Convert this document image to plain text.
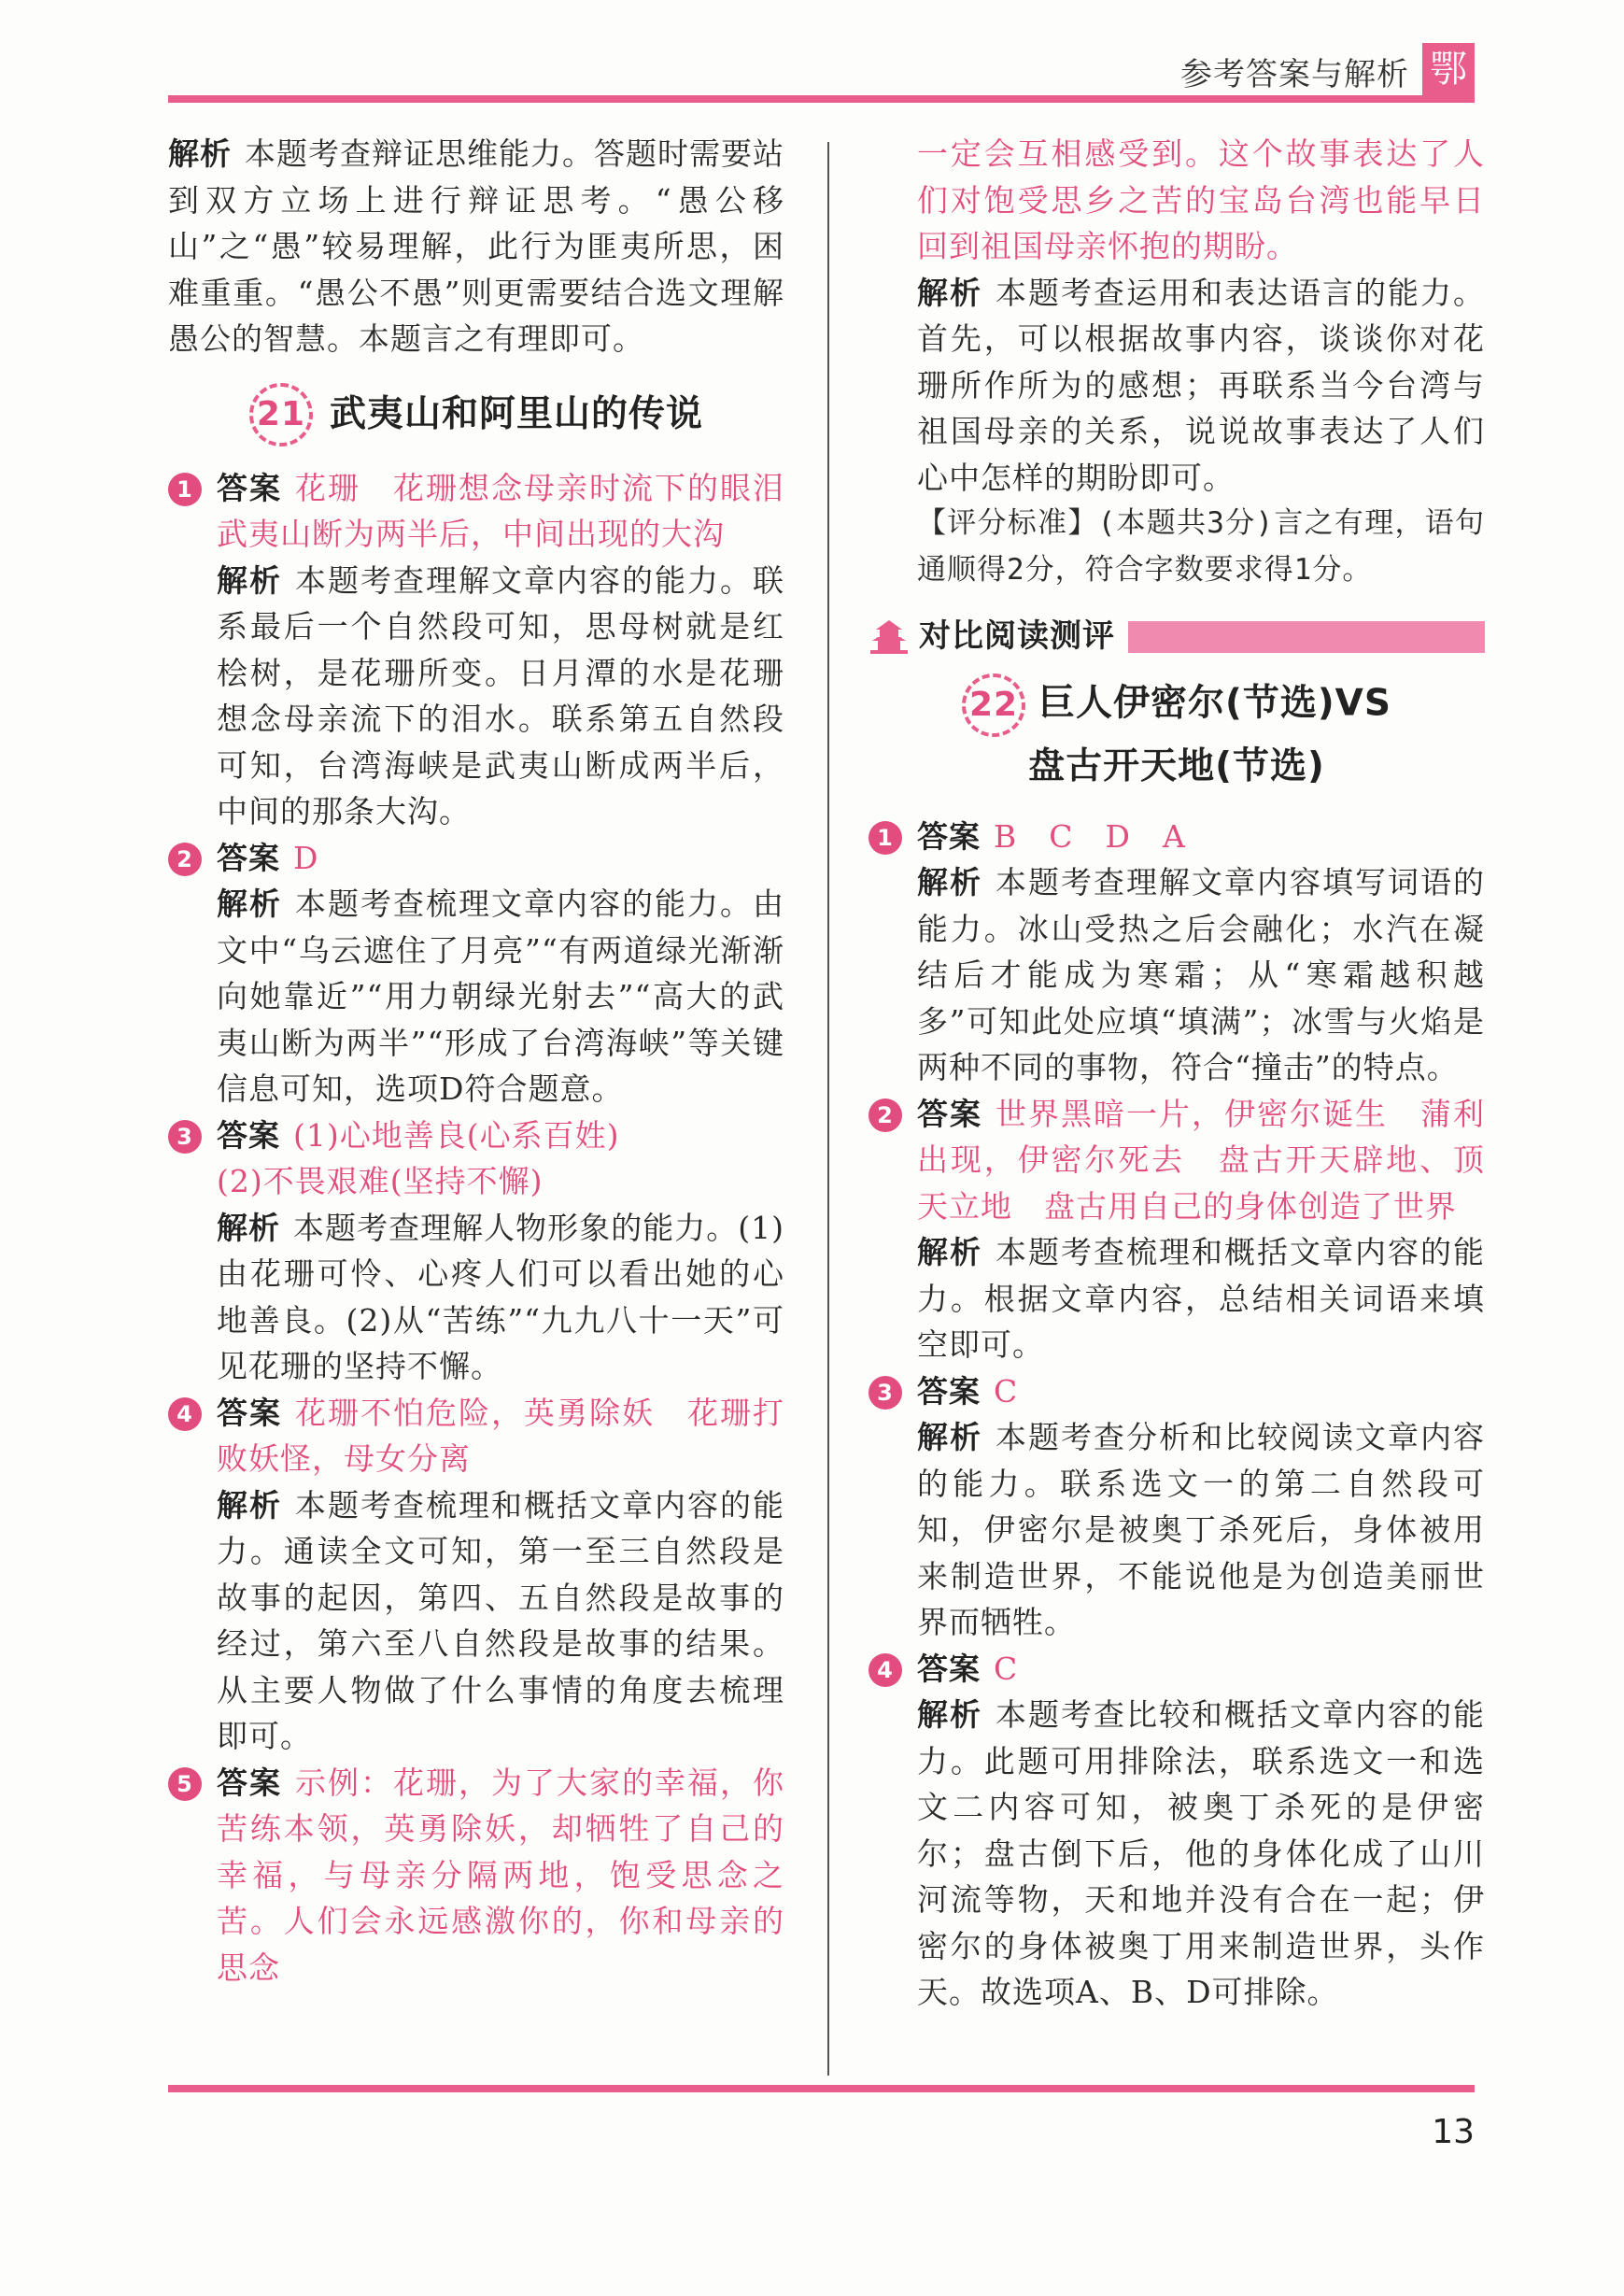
参考答案与解析 鄂

解析 本题考查辩证思维能力。答题时需要站到双方立场上进行辩证思考。“愚公移山”之“愚”较易理解，此行为匪夷所思，困难重重。“愚公不愚”则更需要结合选文理解愚公的智慧。本题言之有理即可。

21 武夷山和阿里山的传说
1 答案 花珊　花珊想念母亲时流下的眼泪　武夷山断为两半后，中间出现的大沟

解析 本题考查理解文章内容的能力。联系最后一个自然段可知，思母树就是红桧树，是花珊所变。日月潭的水是花珊想念母亲流下的泪水。联系第五自然段可知，台湾海峡是武夷山断成两半后，中间的那条大沟。

2 答案 D

解析 本题考查梳理文章内容的能力。由文中“乌云遮住了月亮”“有两道绿光渐渐向她靠近”“用力朝绿光射去”“高大的武夷山断为两半”“形成了台湾海峡”等关键信息可知，选项D符合题意。

3 答案 (1)心地善良(心系百姓)

(2)不畏艰难(坚持不懈)

解析 本题考查理解人物形象的能力。(1)由花珊可怜、心疼人们可以看出她的心地善良。(2)从“苦练”“九九八十一天”可见花珊的坚持不懈。

4 答案 花珊不怕危险，英勇除妖　花珊打败妖怪，母女分离

解析 本题考查梳理和概括文章内容的能力。通读全文可知，第一至三自然段是故事的起因，第四、五自然段是故事的经过，第六至八自然段是故事的结果。从主要人物做了什么事情的角度去梳理即可。

5 答案 示例：花珊，为了大家的幸福，你苦练本领，英勇除妖，却牺牲了自己的幸福，与母亲分隔两地，饱受思念之苦。人们会永远感激你的，你和母亲的思念

一定会互相感受到。这个故事表达了人们对饱受思乡之苦的宝岛台湾也能早日回到祖国母亲怀抱的期盼。

解析 本题考查运用和表达语言的能力。首先，可以根据故事内容，谈谈你对花珊所作所为的感想；再联系当今台湾与祖国母亲的关系，说说故事表达了人们心中怎样的期盼即可。

【评分标准】(本题共3分)言之有理，语句通顺得2分，符合字数要求得1分。

对比阅读测评
22 巨人伊密尔(节选)VS
盘古开天地(节选)
1 答案 B　C　D　A

解析 本题考查理解文章内容填写词语的能力。冰山受热之后会融化；水汽在凝结后才能成为寒霜；从“寒霜越积越多”可知此处应填“填满”；冰雪与火焰是两种不同的事物，符合“撞击”的特点。

2 答案 世界黑暗一片，伊密尔诞生　蒲利出现，伊密尔死去　盘古开天辟地、顶天立地　盘古用自己的身体创造了世界

解析 本题考查梳理和概括文章内容的能力。根据文章内容，总结相关词语来填空即可。

3 答案 C

解析 本题考查分析和比较阅读文章内容的能力。联系选文一的第二自然段可知，伊密尔是被奥丁杀死后，身体被用来制造世界，不能说他是为创造美丽世界而牺牲。

4 答案 C

解析 本题考查比较和概括文章内容的能力。此题可用排除法，联系选文一和选文二内容可知，被奥丁杀死的是伊密尔；盘古倒下后，他的身体化成了山川河流等物，天和地并没有合在一起；伊密尔的身体被奥丁用来制造世界，头作天。故选项A、B、D可排除。

13
